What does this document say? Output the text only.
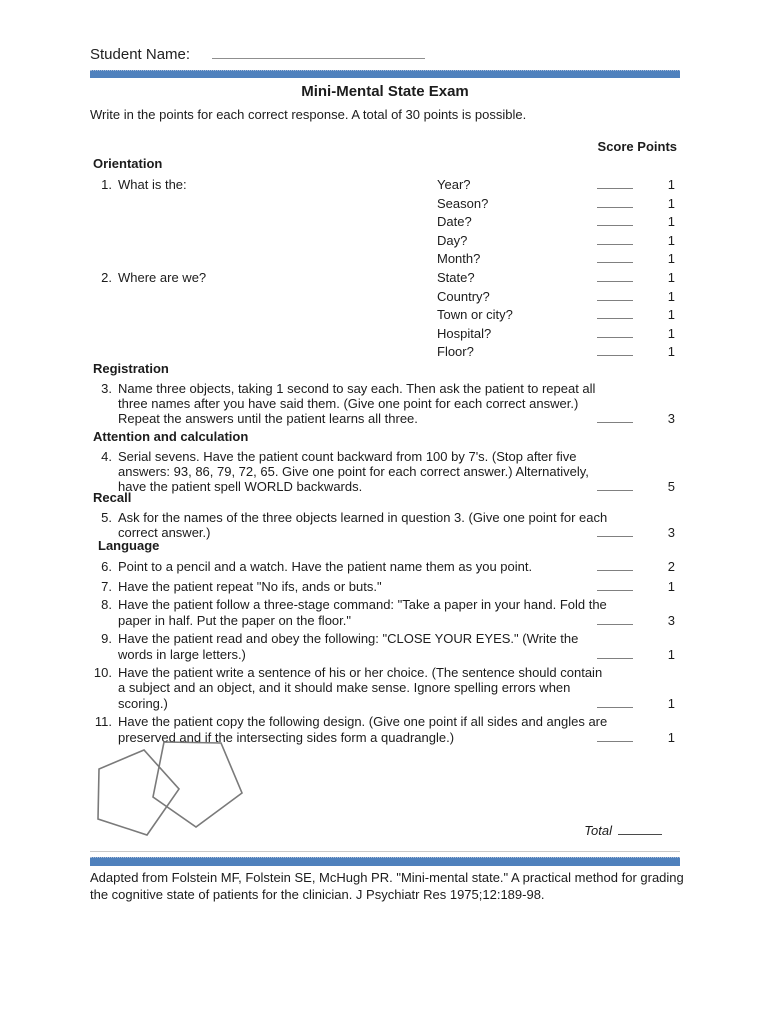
Student Name:
Mini-Mental State Exam
Write in the points for each correct response. A total of 30 points is possible.
Score Points
Orientation
1. What is the:	Year?	1
Season?	1
Date?	1
Day?	1
Month?	1
2. Where are we?	State?	1
Country?	1
Town or city?	1
Hospital?	1
Floor?	1
Registration
3. Name three objects, taking 1 second to say each. Then ask the patient to repeat all
three names after you have said them. (Give one point for each correct answer.)
Repeat the answers until the patient learns all three.	3
Attention and calculation
4. Serial sevens. Have the patient count backward from 100 by 7's. (Stop after five
answers: 93, 86, 79, 72, 65. Give one point for each correct answer.) Alternatively,
have the patient spell WORLD backwards.	5
Recall
5. Ask for the names of the three objects learned in question 3. (Give one point for each
correct answer.)	3
Language
6. Point to a pencil and a watch. Have the patient name them as you point.	2
7. Have the patient repeat "No ifs, ands or buts."	1
8. Have the patient follow a three-stage command: "Take a paper in your hand. Fold the
paper in half. Put the paper on the floor."	3
9. Have the patient read and obey the following: "CLOSE YOUR EYES." (Write the
words in large letters.)	1
10. Have the patient write a sentence of his or her choice. (The sentence should contain
a subject and an object, and it should make sense. Ignore spelling errors when
scoring.)	1
11. Have the patient copy the following design. (Give one point if all sides and angles are
preserved and if the intersecting sides form a quadrangle.)	1
Total
Adapted from Folstein MF, Folstein SE, McHugh PR. "Mini-mental state." A practical method for grading
the cognitive state of patients for the clinician. J Psychiatr Res 1975;12:189-98.
